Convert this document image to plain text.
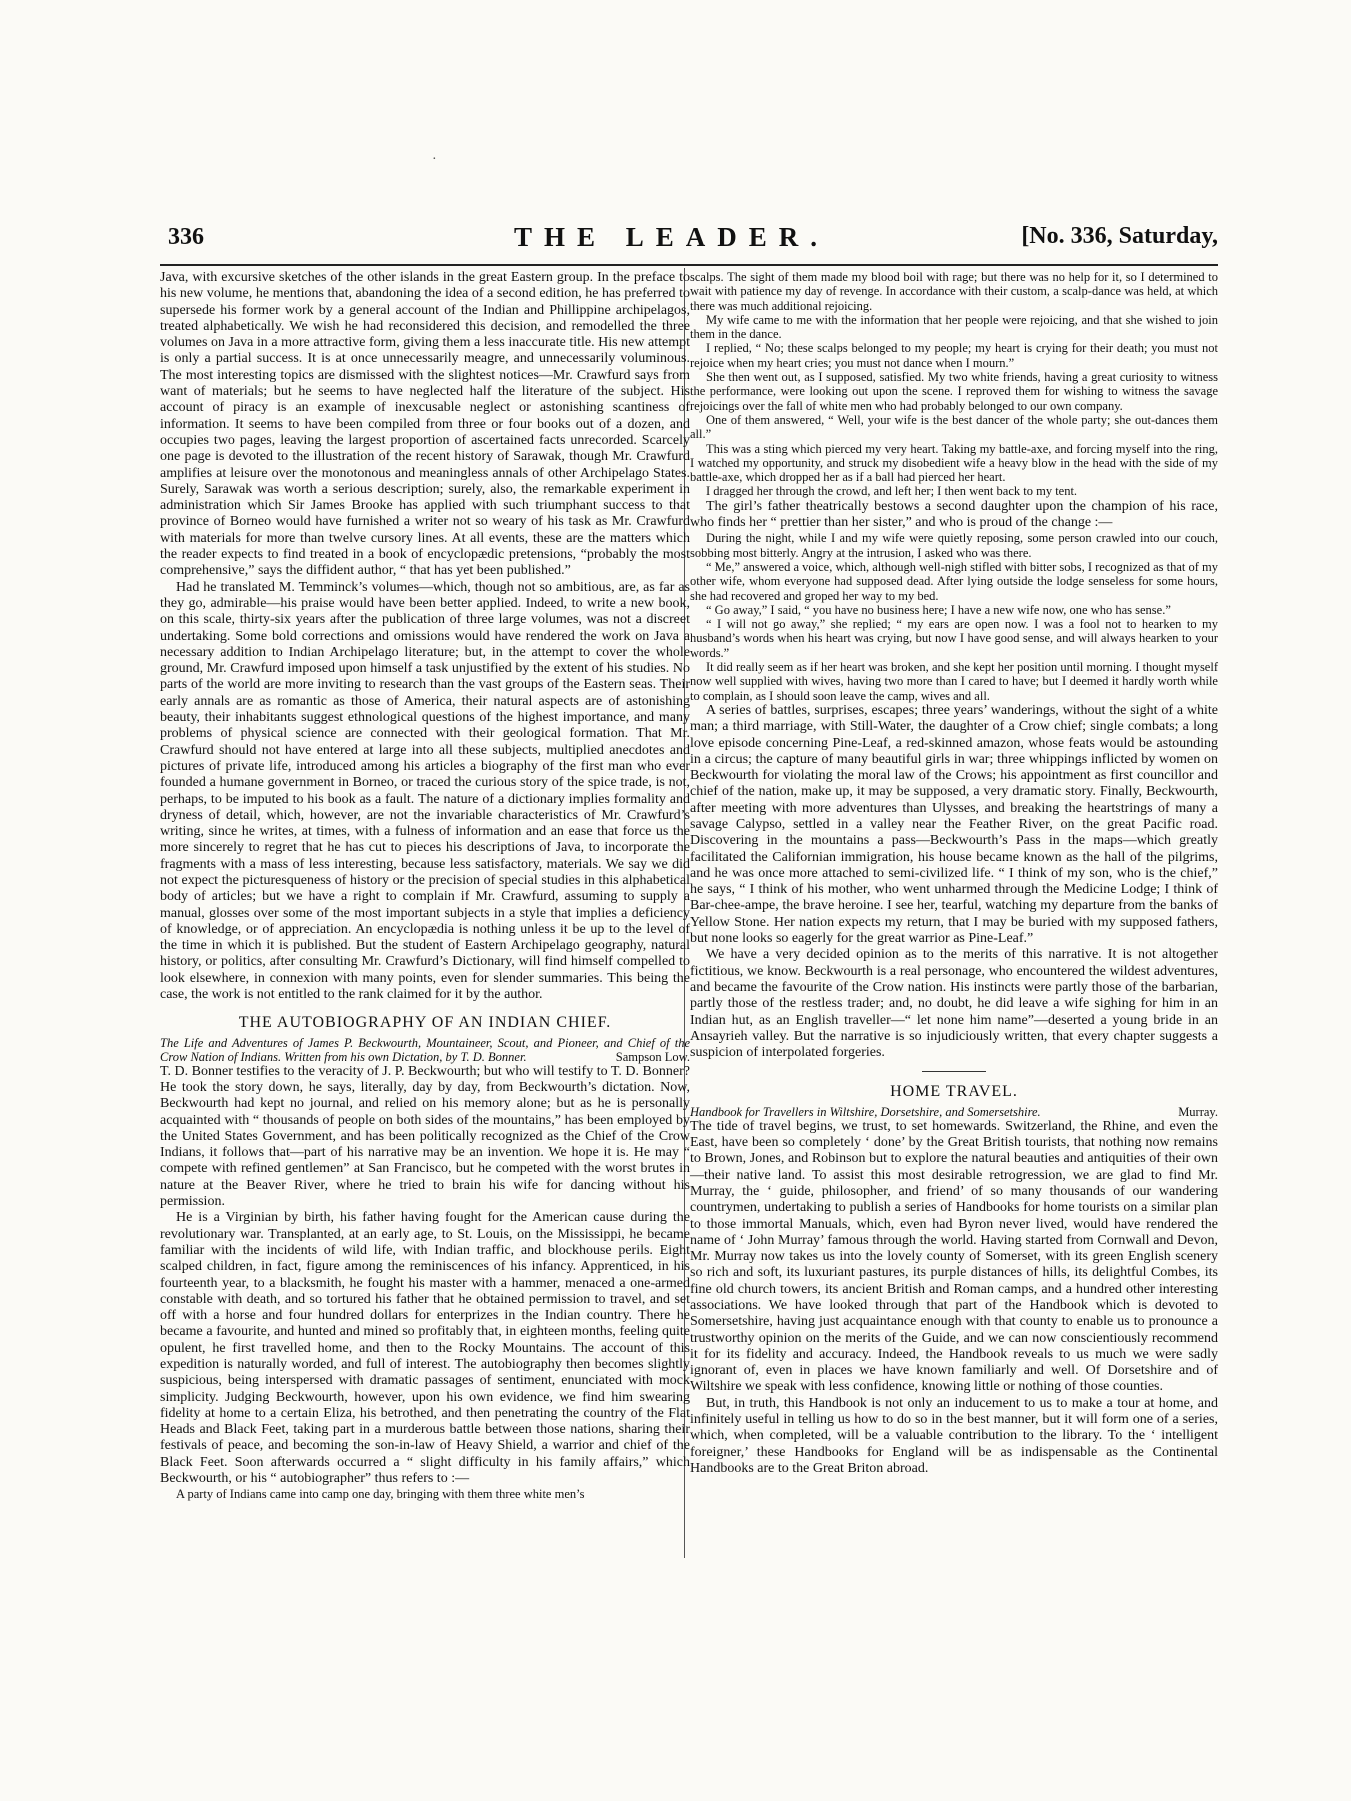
·
336	THE LEADER.	[No. 336, Saturday,

Java, with excursive sketches of the other islands in the great Eastern group. In the preface to his new volume, he mentions that, abandoning the idea of a second edition, he has preferred to supersede his former work by a general account of the Indian and Phillippine archipelagos, treated alphabetically. We wish he had reconsidered this decision, and remodelled the three volumes on Java in a more attractive form, giving them a less inaccurate title. His new attempt is only a partial success. It is at once unnecessarily meagre, and unnecessarily voluminous. The most interesting topics are dismissed with the slightest notices—Mr. Crawfurd says from want of materials; but he seems to have neglected half the literature of the subject. His account of piracy is an example of inexcusable neglect or astonishing scantiness of information. It seems to have been compiled from three or four books out of a dozen, and occupies two pages, leaving the largest proportion of ascertained facts unrecorded. Scarcely one page is devoted to the illustration of the recent history of Sarawak, though Mr. Crawfurd amplifies at leisure over the monotonous and meaningless annals of other Archipelago States. Surely, Sarawak was worth a serious description; surely, also, the remarkable experiment in administration which Sir James Brooke has applied with such triumphant success to that province of Borneo would have furnished a writer not so weary of his task as Mr. Crawfurd with materials for more than twelve cursory lines. At all events, these are the matters which the reader expects to find treated in a book of encyclopædic pretensions, “probably the most comprehensive,” says the diffident author, “ that has yet been published.”

Had he translated M. Temminck’s volumes—which, though not so ambitious, are, as far as they go, admirable—his praise would have been better applied. Indeed, to write a new book, on this scale, thirty-six years after the publication of three large volumes, was not a discreet undertaking. Some bold corrections and omissions would have rendered the work on Java a necessary addition to Indian Archipelago literature; but, in the attempt to cover the whole ground, Mr. Crawfurd imposed upon himself a task unjustified by the extent of his studies. No parts of the world are more inviting to research than the vast groups of the Eastern seas. Their early annals are as romantic as those of America, their natural aspects are of astonishing beauty, their inhabitants suggest ethnological questions of the highest importance, and many problems of physical science are connected with their geological formation. That Mr. Crawfurd should not have entered at large into all these subjects, multiplied anecdotes and pictures of private life, introduced among his articles a biography of the first man who ever founded a humane government in Borneo, or traced the curious story of the spice trade, is not, perhaps, to be imputed to his book as a fault. The nature of a dictionary implies formality and dryness of detail, which, however, are not the invariable characteristics of Mr. Crawfurd’s writing, since he writes, at times, with a fulness of information and an ease that force us the more sincerely to regret that he has cut to pieces his descriptions of Java, to incorporate the fragments with a mass of less interesting, because less satisfactory, materials. We say we did not expect the picturesqueness of history or the precision of special studies in this alphabetical body of articles; but we have a right to complain if Mr. Crawfurd, assuming to supply a manual, glosses over some of the most important subjects in a style that implies a deficiency of knowledge, or of appreciation. An encyclopædia is nothing unless it be up to the level of the time in which it is published. But the student of Eastern Archipelago geography, natural history, or politics, after consulting Mr. Crawfurd’s Dictionary, will find himself compelled to look elsewhere, in connexion with many points, even for slender summaries. This being the case, the work is not entitled to the rank claimed for it by the author.

THE AUTOBIOGRAPHY OF AN INDIAN CHIEF.
The Life and Adventures of James P. Beckwourth, Mountaineer, Scout, and Pioneer, and Chief of the Crow Nation of Indians. Written from his own Dictation, by T. D. Bonner.	Sampson Low.

T. D. Bonner testifies to the veracity of J. P. Beckwourth; but who will testify to T. D. Bonner? He took the story down, he says, literally, day by day, from Beckwourth’s dictation. Now, Beckwourth had kept no journal, and relied on his memory alone; but as he is personally acquainted with “ thousands of people on both sides of the mountains,” has been employed by the United States Government, and has been politically recognized as the Chief of the Crow Indians, it follows that—part of his narrative may be an invention. We hope it is. He may “ compete with refined gentlemen” at San Francisco, but he competed with the worst brutes in nature at the Beaver River, where he tried to brain his wife for dancing without his permission.

He is a Virginian by birth, his father having fought for the American cause during the revolutionary war. Transplanted, at an early age, to St. Louis, on the Mississippi, he became familiar with the incidents of wild life, with Indian traffic, and blockhouse perils. Eight scalped children, in fact, figure among the reminiscences of his infancy. Apprenticed, in his fourteenth year, to a blacksmith, he fought his master with a hammer, menaced a one-armed constable with death, and so tortured his father that he obtained permission to travel, and set off with a horse and four hundred dollars for enterprizes in the Indian country. There he became a favourite, and hunted and mined so profitably that, in eighteen months, feeling quite opulent, he first travelled home, and then to the Rocky Mountains. The account of this expedition is naturally worded, and full of interest. The autobiography then becomes slightly suspicious, being interspersed with dramatic passages of sentiment, enunciated with mock simplicity. Judging Beckwourth, however, upon his own evidence, we find him swearing fidelity at home to a certain Eliza, his betrothed, and then penetrating the country of the Flat Heads and Black Feet, taking part in a murderous battle between those nations, sharing their festivals of peace, and becoming the son-in-law of Heavy Shield, a warrior and chief of the Black Feet. Soon afterwards occurred a “ slight difficulty in his family affairs,” which Beckwourth, or his “ autobiographer” thus refers to :—

A party of Indians came into camp one day, bringing with them three white men’s

scalps. The sight of them made my blood boil with rage; but there was no help for it, so I determined to wait with patience my day of revenge. In accordance with their custom, a scalp-dance was held, at which there was much additional rejoicing.

My wife came to me with the information that her people were rejoicing, and that she wished to join them in the dance.

I replied, “ No; these scalps belonged to my people; my heart is crying for their death; you must not rejoice when my heart cries; you must not dance when I mourn.”

She then went out, as I supposed, satisfied. My two white friends, having a great curiosity to witness the performance, were looking out upon the scene. I reproved them for wishing to witness the savage rejoicings over the fall of white men who had probably belonged to our own company.

One of them answered, “ Well, your wife is the best dancer of the whole party; she out-dances them all.”

This was a sting which pierced my very heart. Taking my battle-axe, and forcing myself into the ring, I watched my opportunity, and struck my disobedient wife a heavy blow in the head with the side of my battle-axe, which dropped her as if a ball had pierced her heart.

I dragged her through the crowd, and left her; I then went back to my tent.

The girl’s father theatrically bestows a second daughter upon the champion of his race, who finds her “ prettier than her sister,” and who is proud of the change :—

During the night, while I and my wife were quietly reposing, some person crawled into our couch, sobbing most bitterly. Angry at the intrusion, I asked who was there.

“ Me,” answered a voice, which, although well-nigh stifled with bitter sobs, I recognized as that of my other wife, whom everyone had supposed dead. After lying outside the lodge senseless for some hours, she had recovered and groped her way to my bed.

“ Go away,” I said, “ you have no business here; I have a new wife now, one who has sense.”

“ I will not go away,” she replied; “ my ears are open now. I was a fool not to hearken to my husband’s words when his heart was crying, but now I have good sense, and will always hearken to your words.”

It did really seem as if her heart was broken, and she kept her position until morning. I thought myself now well supplied with wives, having two more than I cared to have; but I deemed it hardly worth while to complain, as I should soon leave the camp, wives and all.

A series of battles, surprises, escapes; three years’ wanderings, without the sight of a white man; a third marriage, with Still-Water, the daughter of a Crow chief; single combats; a long love episode concerning Pine-Leaf, a red-skinned amazon, whose feats would be astounding in a circus; the capture of many beautiful girls in war; three whippings inflicted by women on Beckwourth for violating the moral law of the Crows; his appointment as first councillor and chief of the nation, make up, it may be supposed, a very dramatic story. Finally, Beckwourth, after meeting with more adventures than Ulysses, and breaking the heartstrings of many a savage Calypso, settled in a valley near the Feather River, on the great Pacific road. Discovering in the mountains a pass—Beckwourth’s Pass in the maps—which greatly facilitated the Californian immigration, his house became known as the hall of the pilgrims, and he was once more attached to semi-civilized life. “ I think of my son, who is the chief,” he says, “ I think of his mother, who went unharmed through the Medicine Lodge; I think of Bar-chee-ampe, the brave heroine. I see her, tearful, watching my departure from the banks of Yellow Stone. Her nation expects my return, that I may be buried with my supposed fathers, but none looks so eagerly for the great warrior as Pine-Leaf.”

We have a very decided opinion as to the merits of this narrative. It is not altogether fictitious, we know. Beckwourth is a real personage, who encountered the wildest adventures, and became the favourite of the Crow nation. His instincts were partly those of the barbarian, partly those of the restless trader; and, no doubt, he did leave a wife sighing for him in an Indian hut, as an English traveller—“ let none him name”—deserted a young bride in an Ansayrieh valley. But the narrative is so injudiciously written, that every chapter suggests a suspicion of interpolated forgeries.

HOME TRAVEL.
Handbook for Travellers in Wiltshire, Dorsetshire, and Somersetshire.	Murray.

The tide of travel begins, we trust, to set homewards. Switzerland, the Rhine, and even the East, have been so completely ‘ done’ by the Great British tourists, that nothing now remains to Brown, Jones, and Robinson but to explore the natural beauties and antiquities of their own—their native land. To assist this most desirable retrogression, we are glad to find Mr. Murray, the ‘ guide, philosopher, and friend’ of so many thousands of our wandering countrymen, undertaking to publish a series of Handbooks for home tourists on a similar plan to those immortal Manuals, which, even had Byron never lived, would have rendered the name of ‘ John Murray’ famous through the world. Having started from Cornwall and Devon, Mr. Murray now takes us into the lovely county of Somerset, with its green English scenery so rich and soft, its luxuriant pastures, its purple distances of hills, its delightful Combes, its fine old church towers, its ancient British and Roman camps, and a hundred other interesting associations. We have looked through that part of the Handbook which is devoted to Somersetshire, having just acquaintance enough with that county to enable us to pronounce a trustworthy opinion on the merits of the Guide, and we can now conscientiously recommend it for its fidelity and accuracy. Indeed, the Handbook reveals to us much we were sadly ignorant of, even in places we have known familiarly and well. Of Dorsetshire and of Wiltshire we speak with less confidence, knowing little or nothing of those counties.

But, in truth, this Handbook is not only an inducement to us to make a tour at home, and infinitely useful in telling us how to do so in the best manner, but it will form one of a series, which, when completed, will be a valuable contribution to the library. To the ‘ intelligent foreigner,’ these Handbooks for England will be as indispensable as the Continental Handbooks are to the Great Briton abroad.
